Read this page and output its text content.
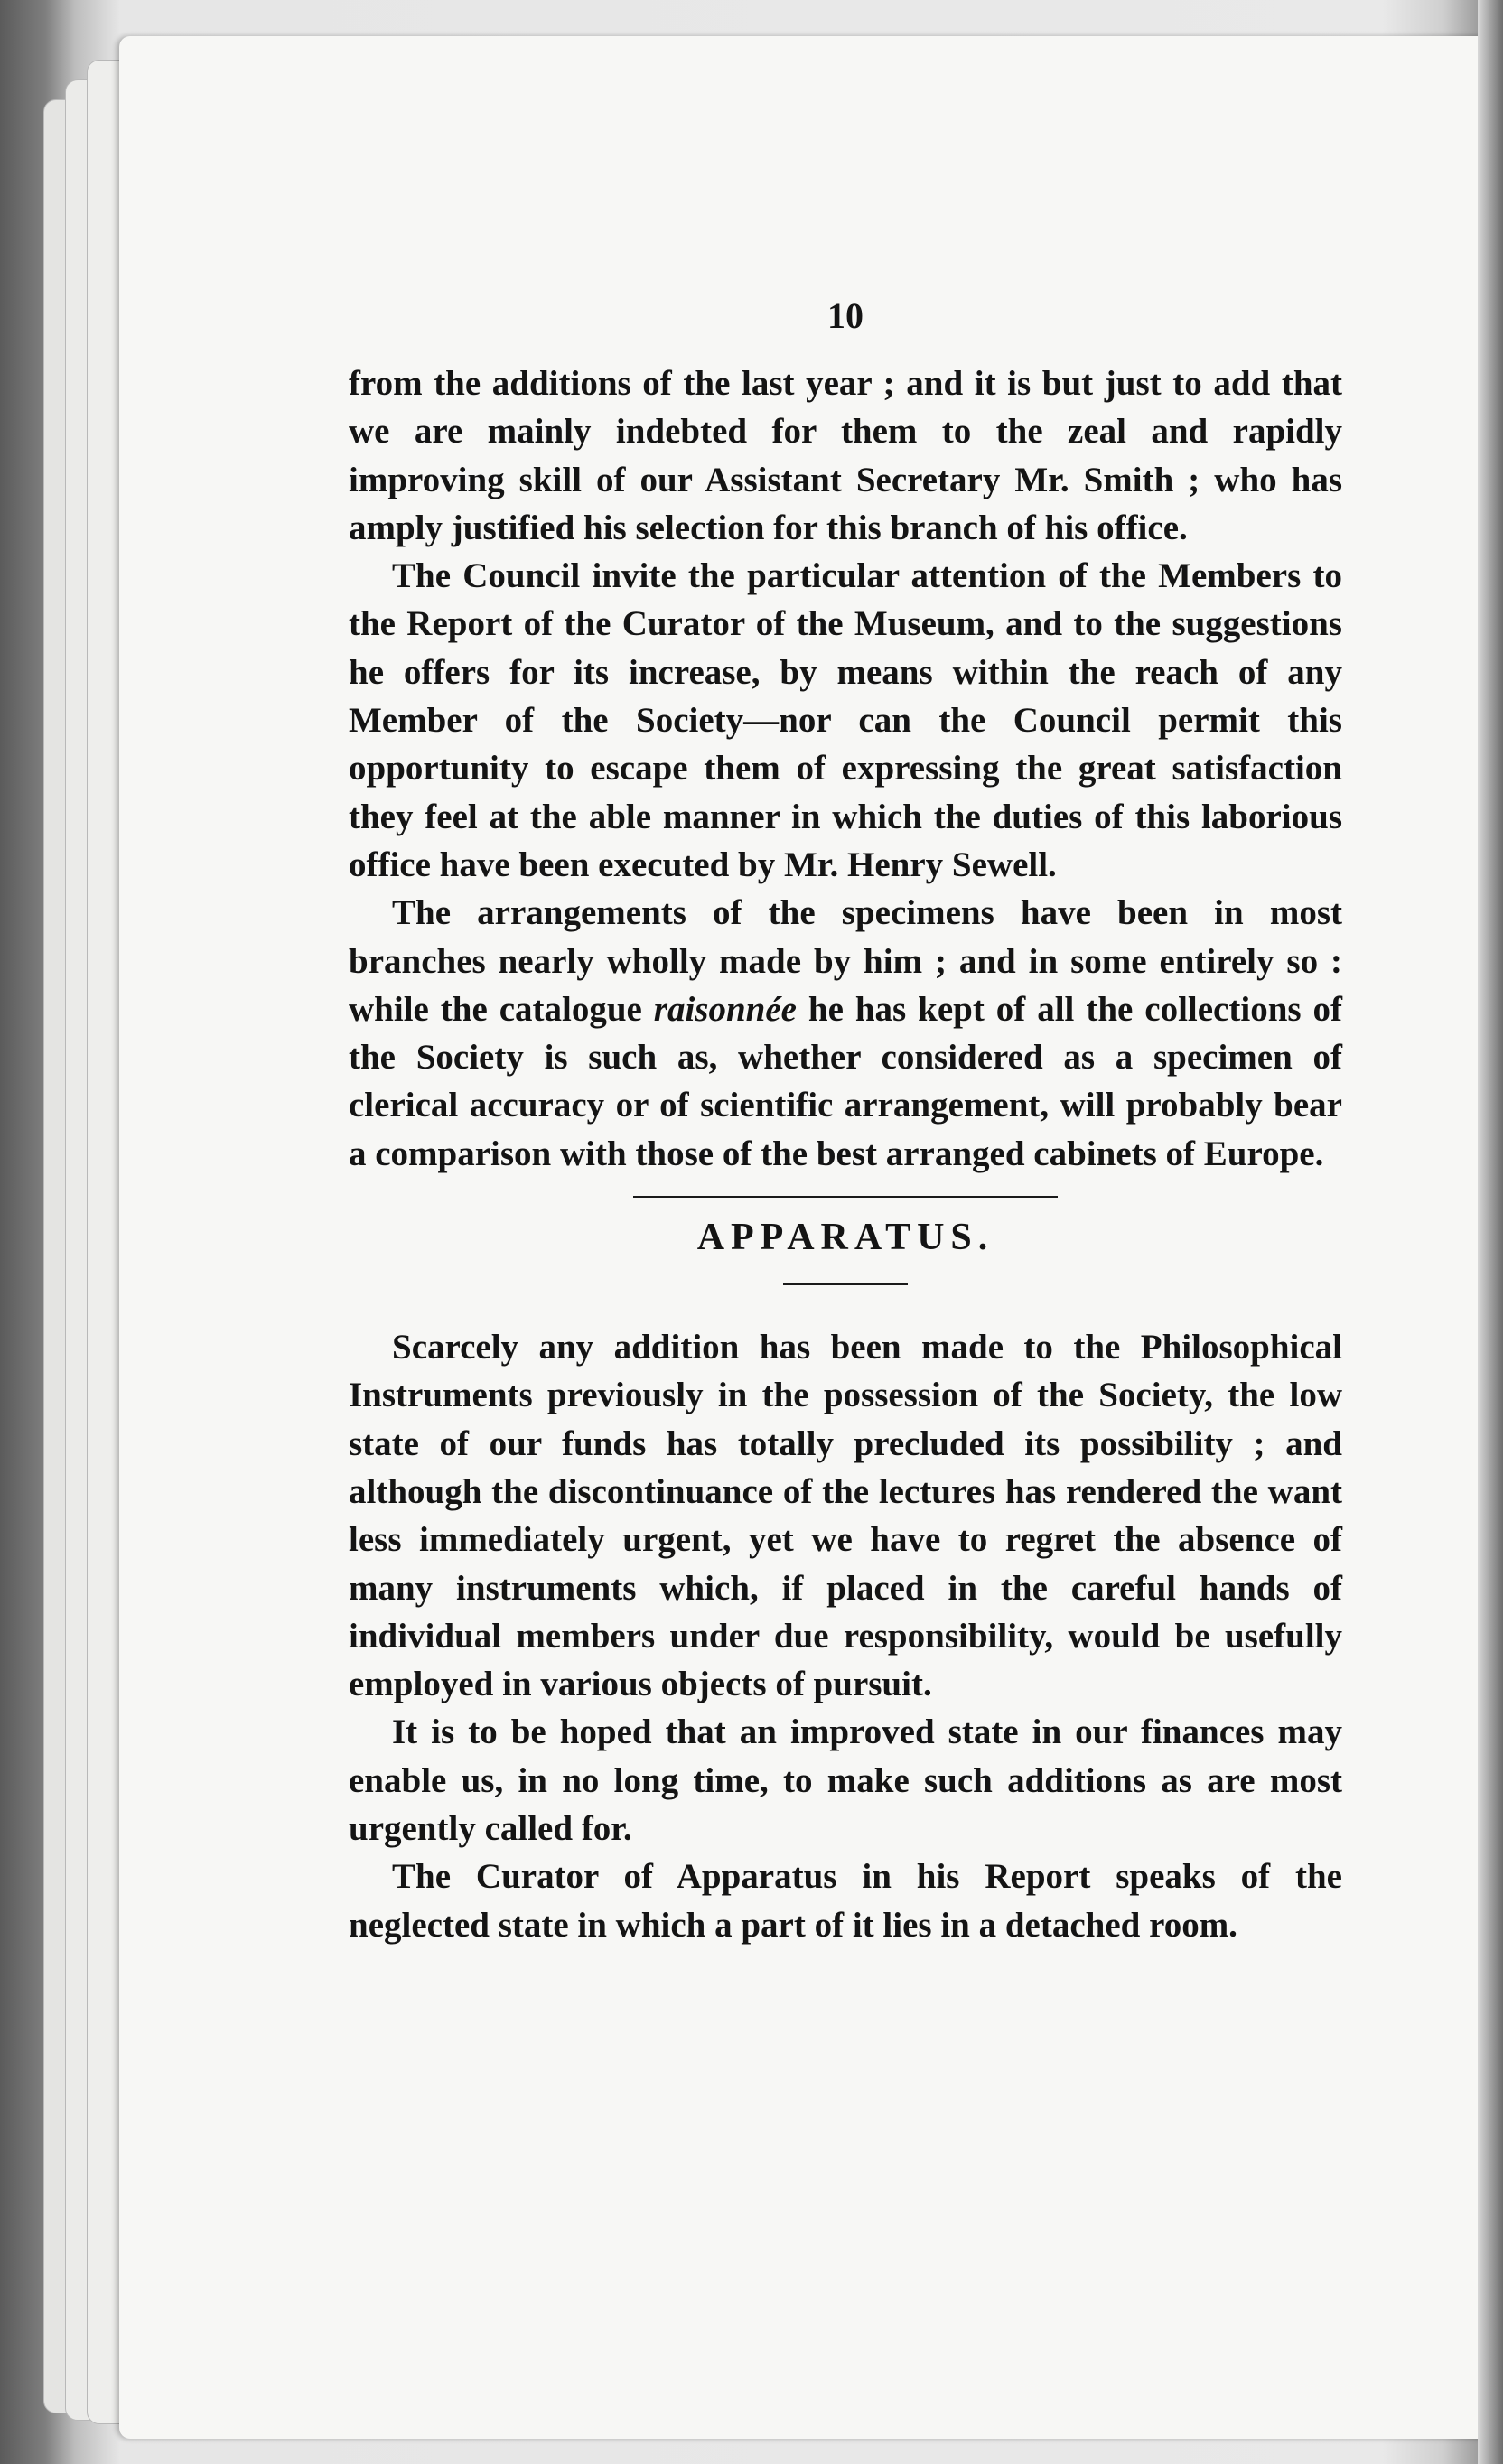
10

from the additions of the last year ; and it is but just to add that we are mainly indebted for them to the zeal and rapidly improving skill of our Assistant Secretary Mr. Smith ; who has amply justified his selection for this branch of his office.

The Council invite the particular attention of the Members to the Report of the Curator of the Museum, and to the suggestions he offers for its increase, by means within the reach of any Member of the Society—nor can the Council permit this opportunity to escape them of expressing the great satisfaction they feel at the able manner in which the duties of this laborious office have been executed by Mr. Henry Sewell.

The arrangements of the specimens have been in most branches nearly wholly made by him ; and in some entirely so : while the catalogue raisonnée he has kept of all the collections of the Society is such as, whether considered as a specimen of clerical accuracy or of scientific arrangement, will probably bear a comparison with those of the best arranged cabinets of Europe.

APPARATUS.

Scarcely any addition has been made to the Philosophical Instruments previously in the possession of the Society, the low state of our funds has totally precluded its possibility ; and although the discontinuance of the lectures has rendered the want less immediately urgent, yet we have to regret the absence of many instruments which, if placed in the careful hands of individual members under due responsibility, would be usefully employed in various objects of pursuit.

It is to be hoped that an improved state in our finances may enable us, in no long time, to make such additions as are most urgently called for.

The Curator of Apparatus in his Report speaks of the neglected state in which a part of it lies in a detached room.
